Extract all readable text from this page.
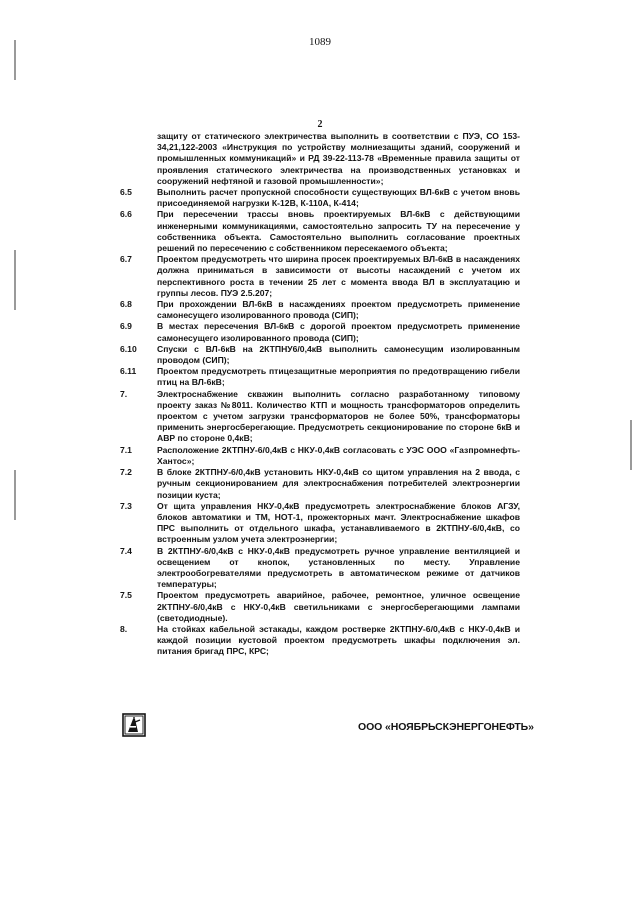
1089
2
защиту от статического электричества выполнить в соответствии с ПУЭ, СО 153-34,21,122-2003 «Инструкция по устройству молниезащиты зданий, сооружений и промышленных коммуникаций» и РД 39-22-113-78 «Временные правила защиты от проявления статического электричества на производственных установках и сооружений нефтяной и газовой промышленности»;
6.5	Выполнить расчет пропускной способности существующих ВЛ-6кВ с учетом вновь присоединяемой нагрузки К-12В, К-110А, К-414;
6.6	При пересечении трассы вновь проектируемых ВЛ-6кВ с действующими инженерными коммуникациями, самостоятельно запросить ТУ на пересечение у собственника объекта. Самостоятельно выполнить согласование проектных решений по пересечению с собственником пересекаемого объекта;
6.7	Проектом предусмотреть что ширина просек проектируемых ВЛ-6кВ в насаждениях должна приниматься в зависимости от высоты насаждений с учетом их перспективного роста в течении 25 лет с момента ввода ВЛ в эксплуатацию и группы лесов. ПУЭ 2.5.207;
6.8	При прохождении ВЛ-6кВ в насаждениях проектом предусмотреть применение самонесущего изолированного провода (СИП);
6.9	В местах пересечения ВЛ-6кВ с дорогой проектом предусмотреть применение самонесущего изолированного провода (СИП);
6.10	Спуски с ВЛ-6кВ на 2КТПНУ6/0,4кВ выполнить самонесущим изолированным проводом (СИП);
6.11	Проектом предусмотреть птицезащитные мероприятия по предотвращению гибели птиц на ВЛ-6кВ;
7.	Электроснабжение скважин выполнить согласно разработанному типовому проекту заказ №8011. Количество КТП и мощность трансформаторов определить проектом с учетом загрузки трансформаторов не более 50%, трансформаторы применить энергосберегающие. Предусмотреть секционирование по стороне 6кВ и АВР по стороне 0,4кВ;
7.1	Расположение 2КТПНУ-6/0,4кВ с НКУ-0,4кВ согласовать с УЭС ООО «Газпромнефть-Хантос»;
7.2	В блоке 2КТПНУ-6/0,4кВ установить НКУ-0,4кВ со щитом управления на 2 ввода, с ручным секционированием для электроснабжения потребителей электроэнергии позиции куста;
7.3	От щита управления НКУ-0,4кВ предусмотреть электроснабжение блоков АГЗУ, блоков автоматики и ТМ, НОТ-1, прожекторных мачт. Электроснабжение шкафов ПРС выполнить от отдельного шкафа, устанавливаемого в 2КТПНУ-6/0,4кВ, со встроенным узлом учета электроэнергии;
7.4	В 2КТПНУ-6/0,4кВ с НКУ-0,4кВ предусмотреть ручное управление вентиляцией и освещением от кнопок, установленных по месту. Управление электрообогревателями предусмотреть в автоматическом режиме от датчиков температуры;
7.5	Проектом предусмотреть аварийное, рабочее, ремонтное, уличное освещение 2КТПНУ-6/0,4кВ с НКУ-0,4кВ светильниками с энергосберегающими лампами (светодиодные).
8.	На стойках кабельной эстакады, каждом ростверке 2КТПНУ-6/0,4кВ с НКУ-0,4кВ и каждой позиции кустовой проектом предусмотреть шкафы подключения эл. питания бригад ПРС, КРС;
ООО «НОЯБРЬСКЭНЕРГОНЕФТЬ»
